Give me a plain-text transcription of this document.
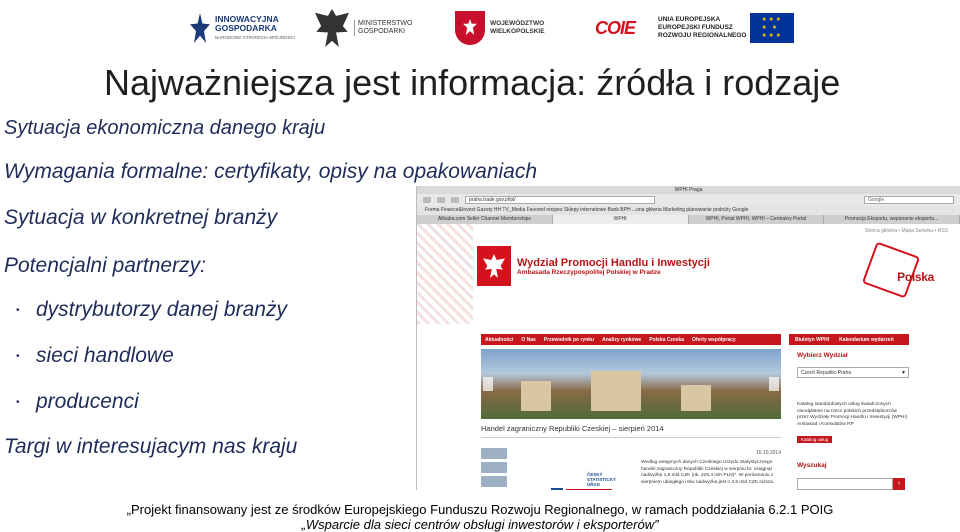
INNOWACYJNA
GOSPODARKA
NARODOWA STRATEGIA SPÓJNOŚCI
MINISTERSTWO
GOSPODARKI
WOJEWÓDZTWO
WIELKOPOLSKIE	COIE	UNIA EUROPEJSKA
EUROPEJSKI FUNDUSZ
ROZWOJU REGIONALNEGO
★ ★ ★ ★ ★ ★ ★ ★
Najważniejsza jest informacja: źródła i rodzaje
Sytuacja ekonomiczna danego kraju
Wymagania formalne: certyfikaty, opisy na opakowaniach
Sytuacja w konkretnej branży
Potencjalni partnerzy:
• dystrybutorzy danej branży
• sieci handlowe
• producenci
Targi w interesujacym nas kraju
WPHI Praga
praha.trade.gov.pl/pl/	Google
Forma Finance&Invest Gazety HH TV_Media Favored recipes Sklepy internetowe Bank BPH ...ona główna Marketing planowanie podróży Google
Alibaba.com Seller Channel Memberships	WPHI	WPHI, Portal WPHI, WPHI – Centralny Portal	Promocja Eksportu, wspieranie eksportu...
Strona główna • Mapa Serwisu • RSS
Wydział Promocji Handlu i Inwestycji
Ambasada Rzeczypospolitej Polskiej w Pradze	Polska
Aktualności O Nas Przewodnik po rynku Analizy rynkowe Polska Czeska Oferty współpracy	Biuletyn WPHI Kalendarium wydarzeń
Wybierz Wydział
Czech Republic-Praha ▾
Katalog standardowych usług świadczonych nieodpłatnie na rzecz polskich przedsiębiorców przez Wydziały Promocji Handlu i Inwestycji (WPHI) Ambasad i Konsulatów RP
Katalog usług
Wyszukaj
›
Handel zagraniczny Republiki Czeskiej – sierpień 2014
15.10.2014
Według wstępnych danych Czeskiego Urzędu Statystycznego handel zagraniczny Republiki Czeskiej w sierpniu br. osiągnął nadwyżkę 1,5 mld CZK (ok. 228,4 mln PLN)*. W porównaniu z sierpniem ubiegłego roku nadwyżka jest o 3,5 mld CZK niższa.
ČESKÝ
STATISTICKÝ
ÚŘAD
„Projekt finansowany jest ze środków Europejskiego Funduszu Rozwoju Regionalnego, w ramach poddziałania 6.2.1 POIG
„Wsparcie dla sieci centrów obsługi inwestorów i eksporterów”
